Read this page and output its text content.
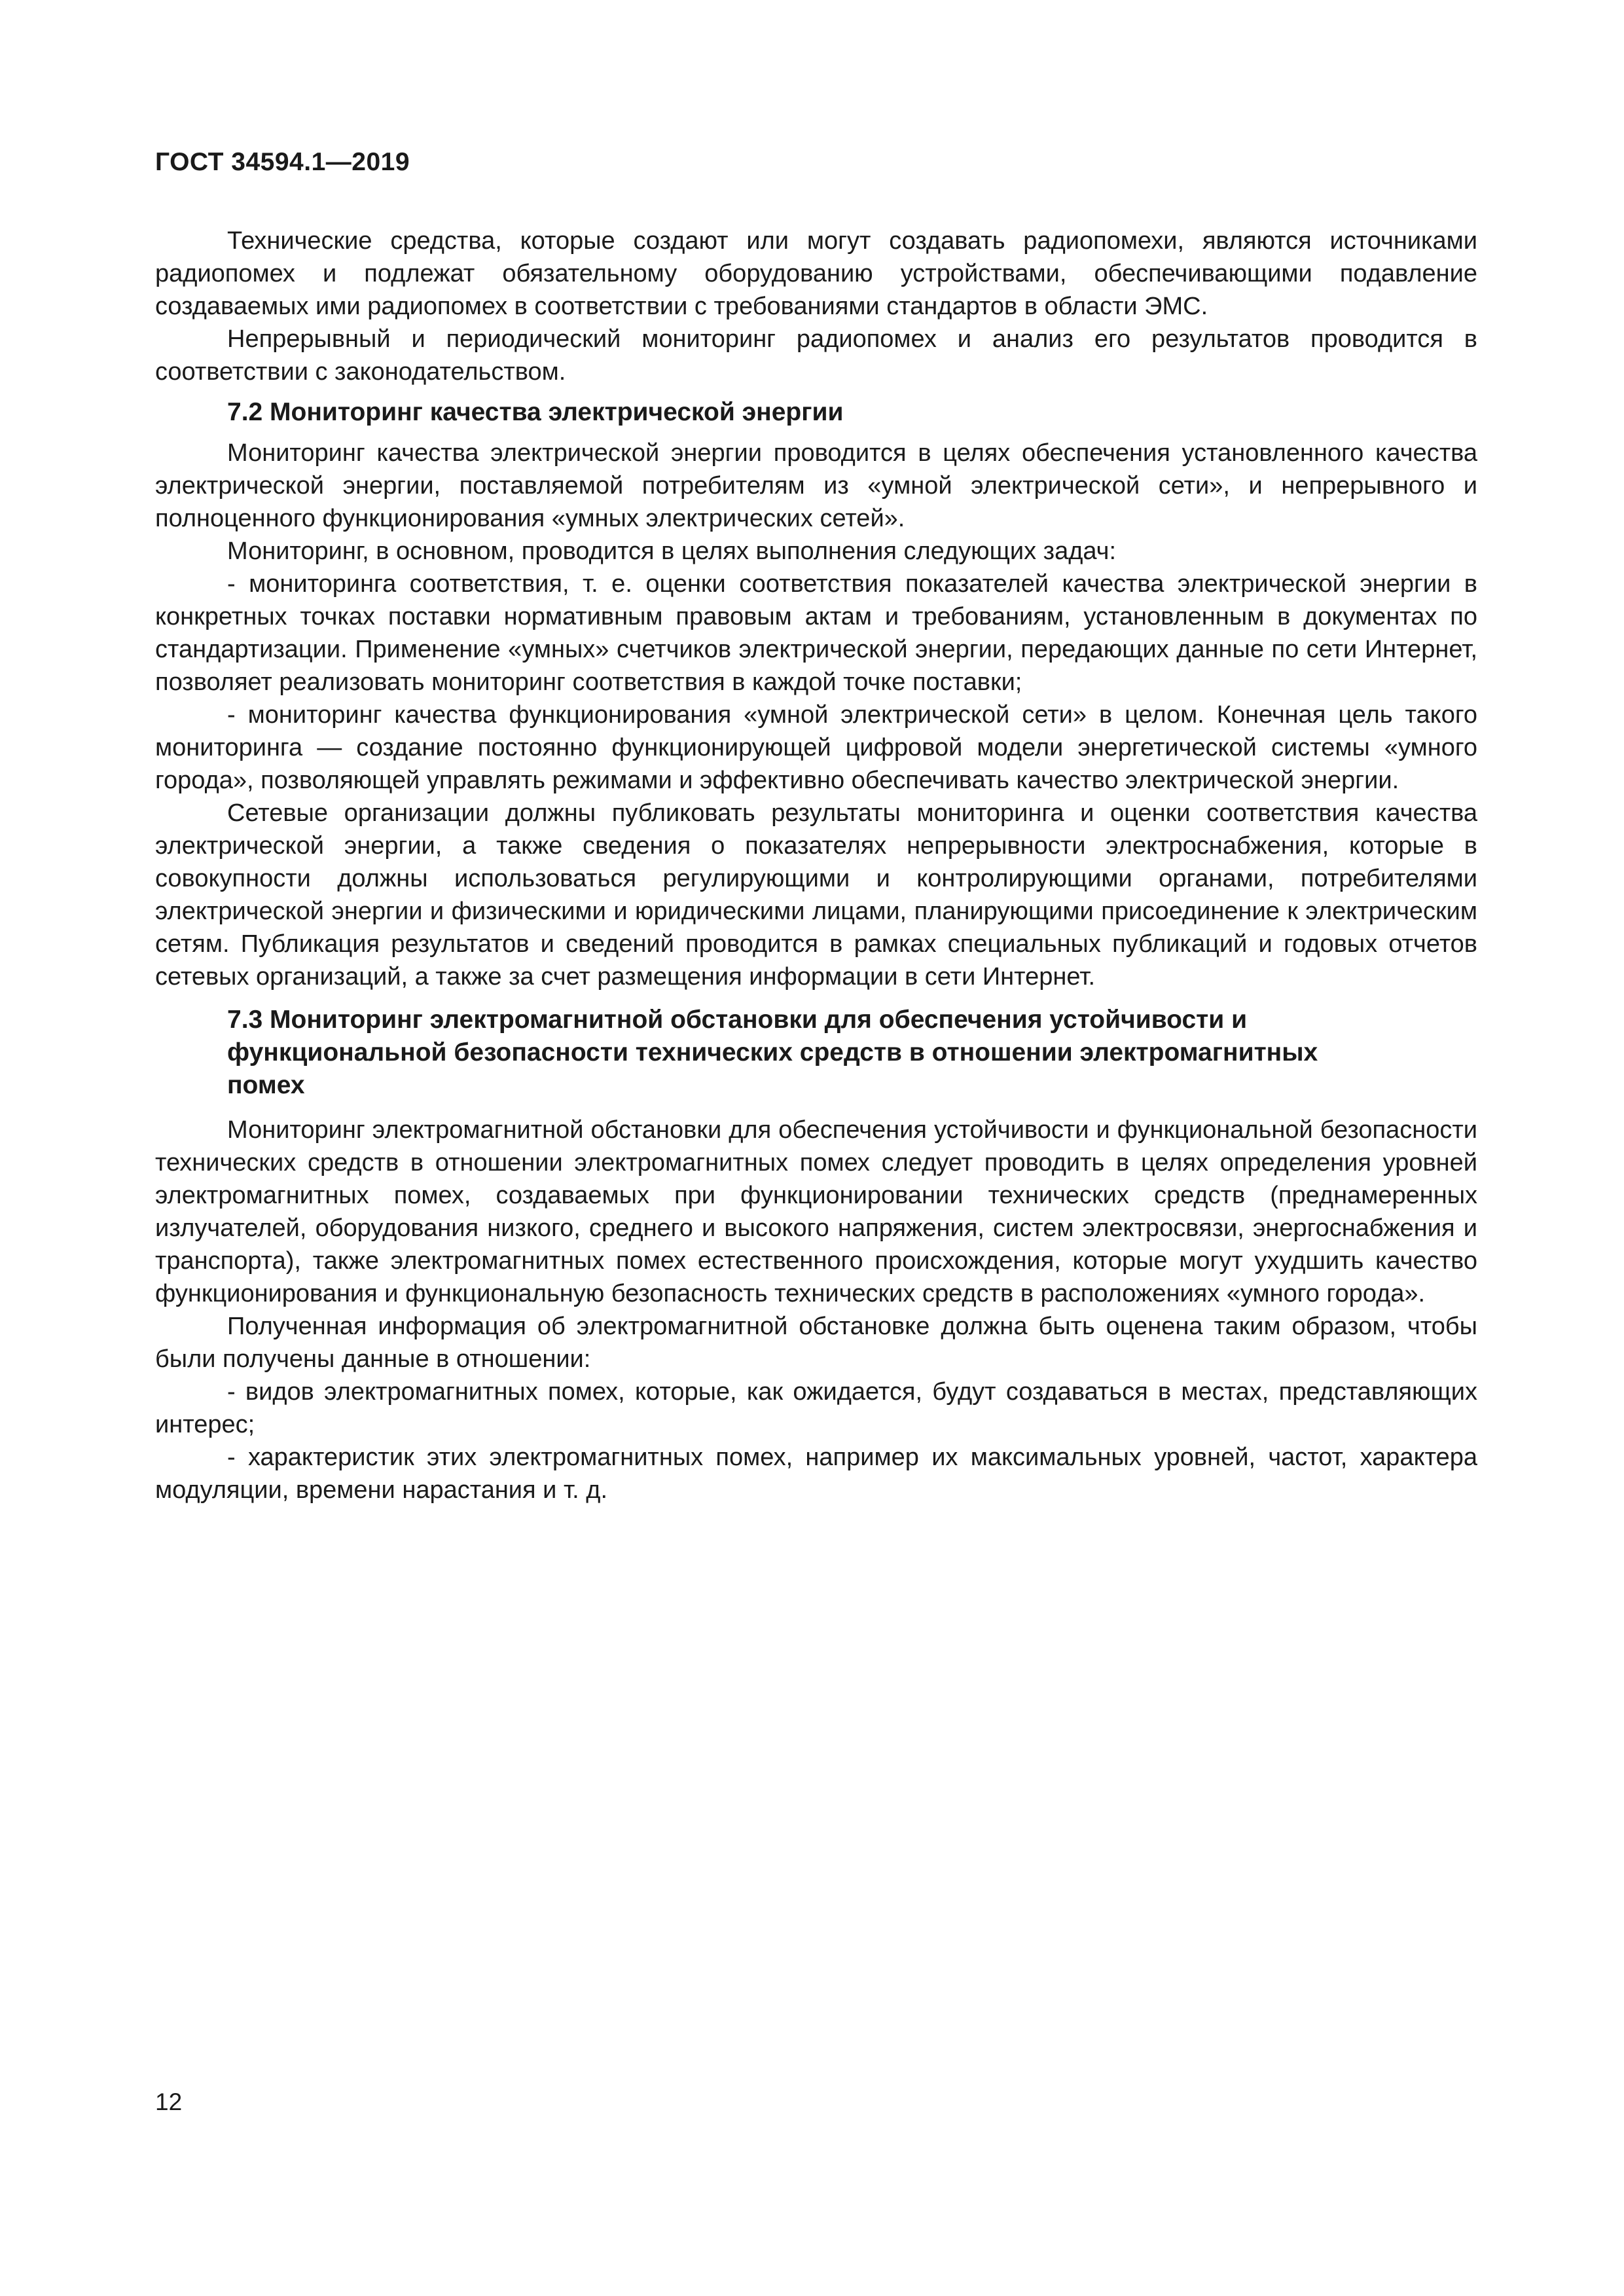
ГОСТ 34594.1—2019

Технические средства, которые создают или могут создавать радиопомехи, являются источниками радиопомех и подлежат обязательному оборудованию устройствами, обеспечивающими подавление создаваемых ими радиопомех в соответствии с требованиями стандартов в области ЭМС.

Непрерывный и периодический мониторинг радиопомех и анализ его результатов проводится в соответствии с законодательством.

7.2 Мониторинг качества электрической энергии

Мониторинг качества электрической энергии проводится в целях обеспечения установленного качества электрической энергии, поставляемой потребителям из «умной электрической сети», и непрерывного и полноценного функционирования «умных электрических сетей».

Мониторинг, в основном, проводится в целях выполнения следующих задач:

- мониторинга соответствия, т. е. оценки соответствия показателей качества электрической энергии в конкретных точках поставки нормативным правовым актам и требованиям, установленным в документах по стандартизации. Применение «умных» счетчиков электрической энергии, передающих данные по сети Интернет, позволяет реализовать мониторинг соответствия в каждой точке поставки;

- мониторинг качества функционирования «умной электрической сети» в целом. Конечная цель такого мониторинга — создание постоянно функционирующей цифровой модели энергетической системы «умного города», позволяющей управлять режимами и эффективно обеспечивать качество электрической энергии.

Сетевые организации должны публиковать результаты мониторинга и оценки соответствия качества электрической энергии, а также сведения о показателях непрерывности электроснабжения, которые в совокупности должны использоваться регулирующими и контролирующими органами, потребителями электрической энергии и физическими и юридическими лицами, планирующими присоединение к электрическим сетям. Публикация результатов и сведений проводится в рамках специальных публикаций и годовых отчетов сетевых организаций, а также за счет размещения информации в сети Интернет.

7.3 Мониторинг электромагнитной обстановки для обеспечения устойчивости и функциональной безопасности технических средств в отношении электромагнитных помех

Мониторинг электромагнитной обстановки для обеспечения устойчивости и функциональной безопасности технических средств в отношении электромагнитных помех следует проводить в целях определения уровней электромагнитных помех, создаваемых при функционировании технических средств (преднамеренных излучателей, оборудования низкого, среднего и высокого напряжения, систем электросвязи, энергоснабжения и транспорта), также электромагнитных помех естественного происхождения, которые могут ухудшить качество функционирования и функциональную безопасность технических средств в расположениях «умного города».

Полученная информация об электромагнитной обстановке должна быть оценена таким образом, чтобы были получены данные в отношении:

- видов электромагнитных помех, которые, как ожидается, будут создаваться в местах, представляющих интерес;

- характеристик этих электромагнитных помех, например их максимальных уровней, частот, характера модуляции, времени нарастания и т. д.

12
